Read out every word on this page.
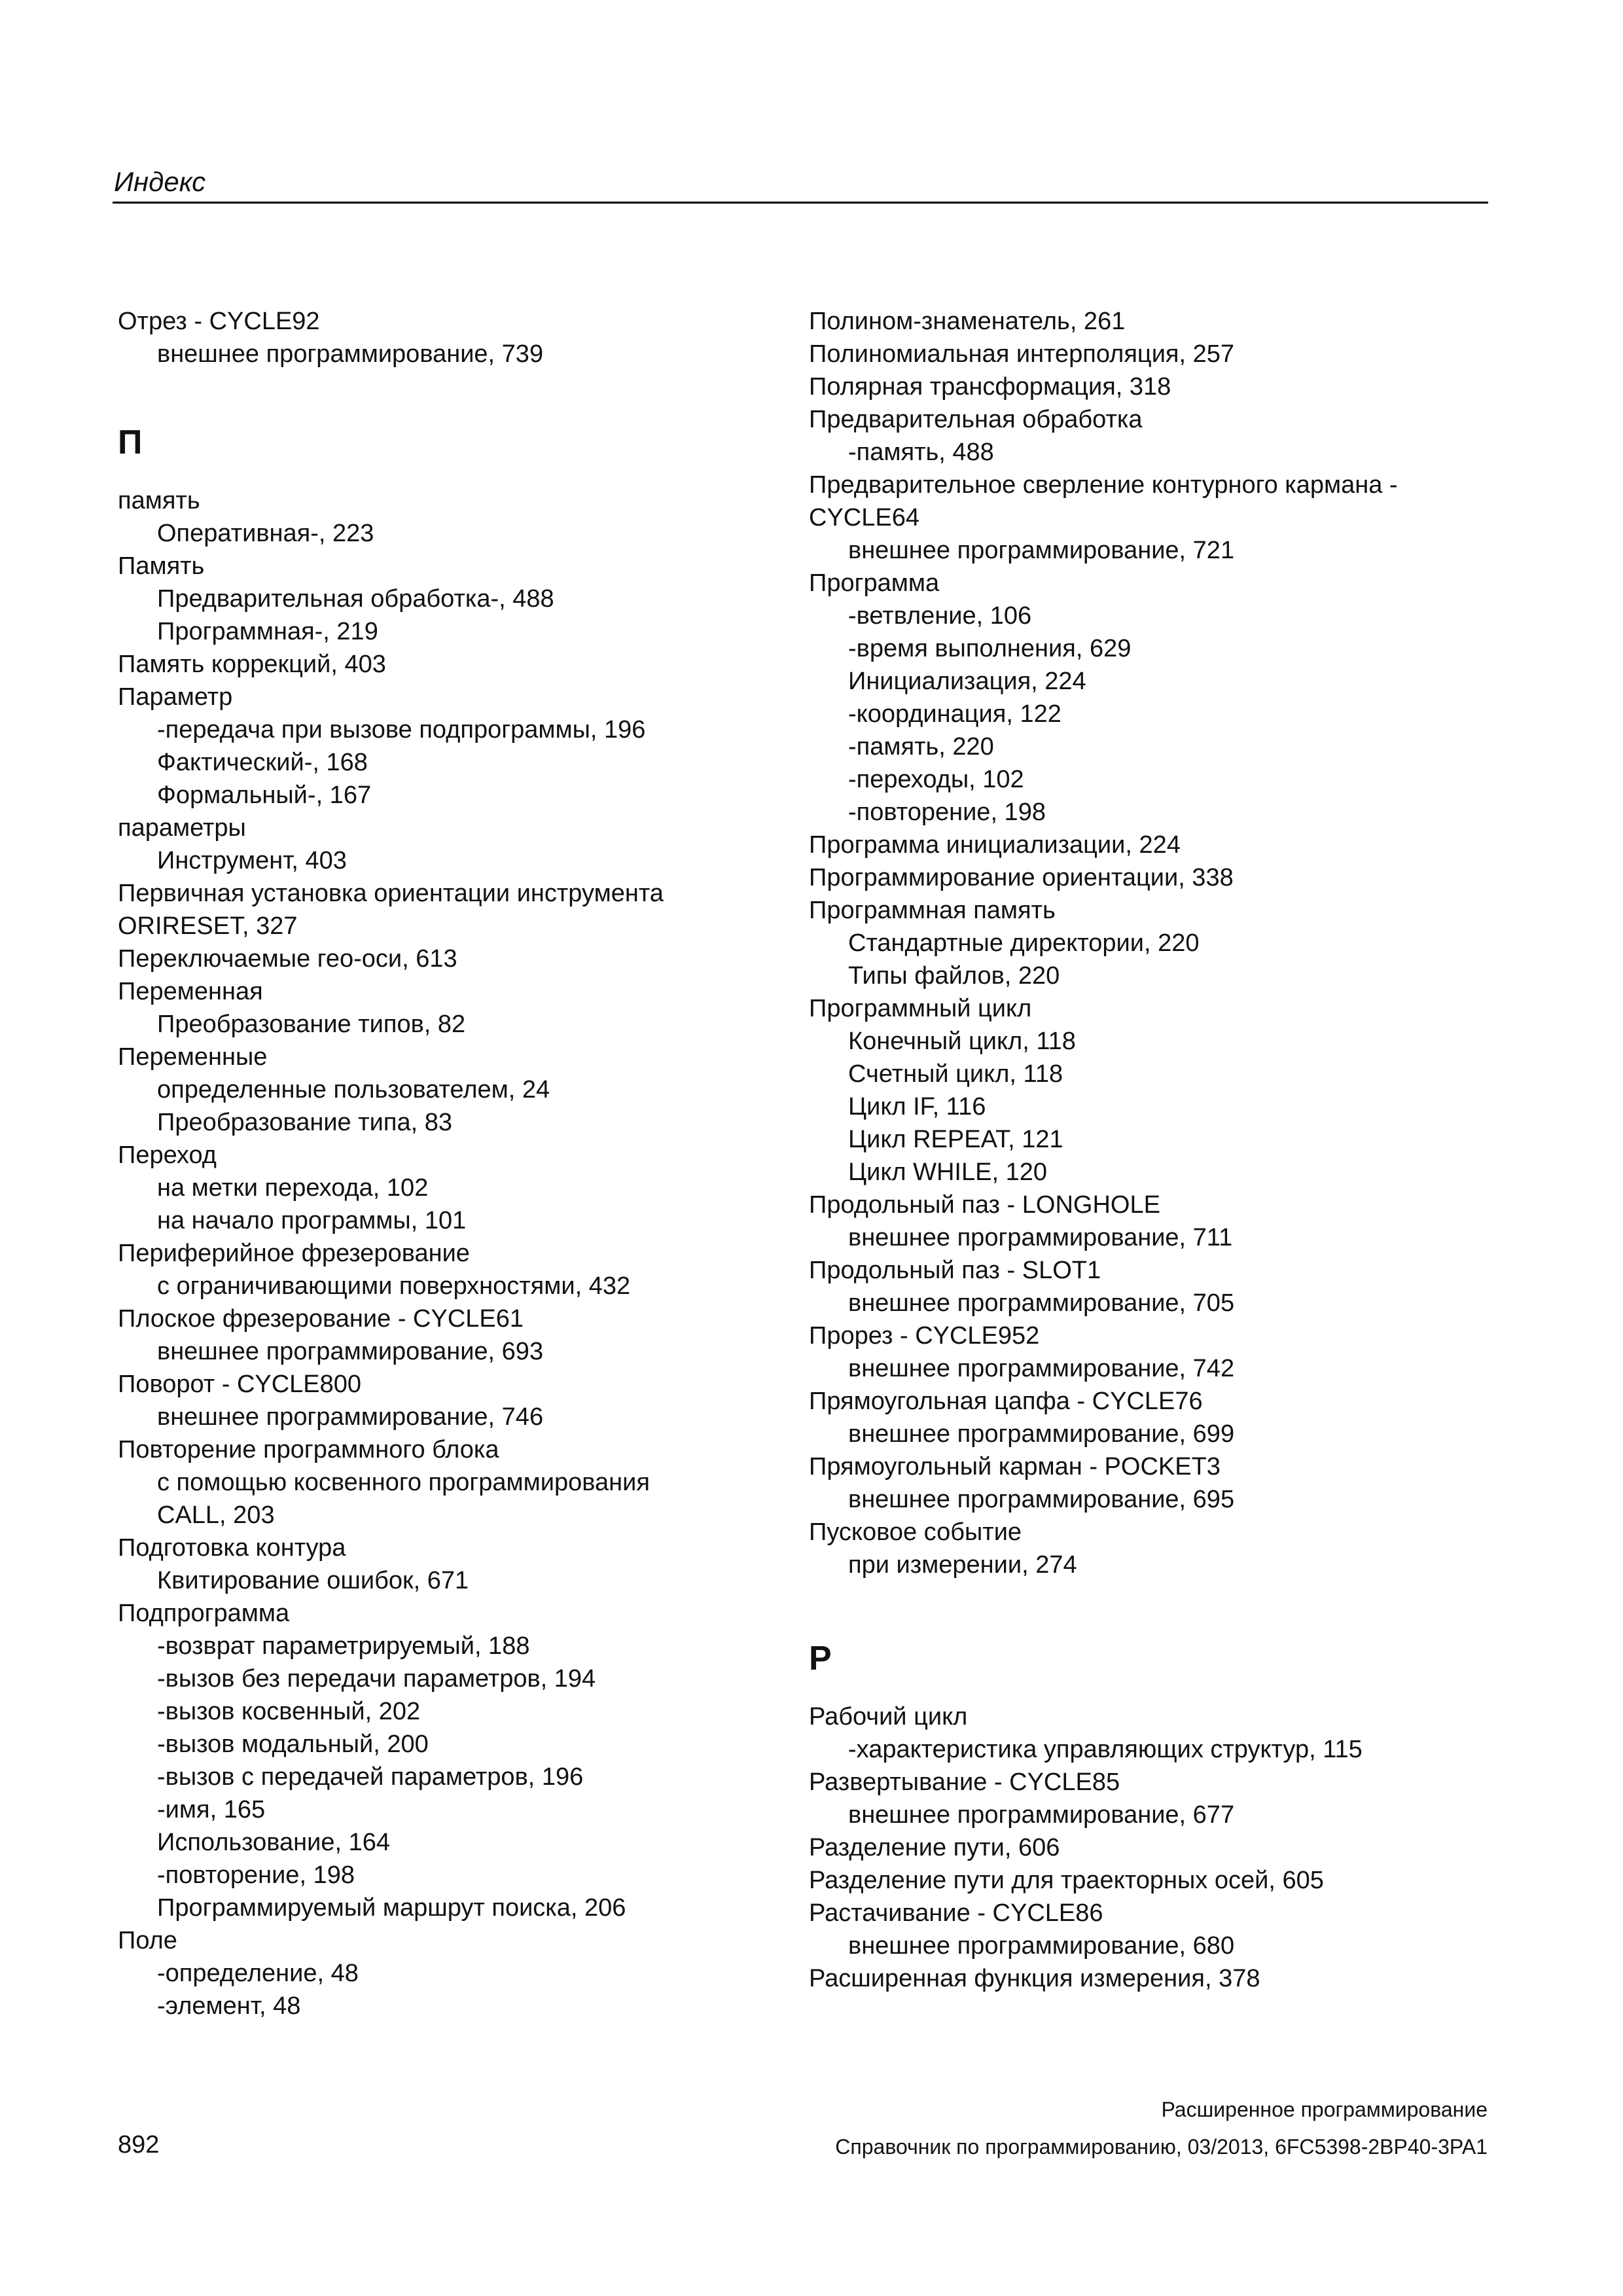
Индекс
Отрез - CYCLE92
внешнее программирование, 739
П
память
Оперативная-, 223
Память
Предварительная обработка-, 488
Программная-, 219
Память коррекций, 403
Параметр
-передача при вызове подпрограммы, 196
Фактический-, 168
Формальный-, 167
параметры
Инструмент, 403
Первичная установка ориентации инструмента
ORIRESET, 327
Переключаемые гео-оси, 613
Переменная
Преобразование типов, 82
Переменные
определенные пользователем, 24
Преобразование типа, 83
Переход
на метки перехода, 102
на начало программы, 101
Периферийное фрезерование
с ограничивающими поверхностями, 432
Плоское фрезерование - CYCLE61
внешнее программирование, 693
Поворот - CYCLE800
внешнее программирование, 746
Повторение программного блока
с помощью косвенного программирования
CALL, 203
Подготовка контура
Квитирование ошибок, 671
Подпрограмма
-возврат параметрируемый, 188
-вызов без передачи параметров, 194
-вызов косвенный, 202
-вызов модальный, 200
-вызов с передачей параметров, 196
-имя, 165
Использование, 164
-повторение, 198
Программируемый маршрут поиска, 206
Поле
-определение, 48
-элемент, 48
Полином-знаменатель, 261
Полиномиальная интерполяция, 257
Полярная трансформация, 318
Предварительная обработка
-память, 488
Предварительное сверление контурного кармана -
CYCLE64
внешнее программирование, 721
Программа
-ветвление, 106
-время выполнения, 629
Инициализация, 224
-координация, 122
-память, 220
-переходы, 102
-повторение, 198
Программа инициализации, 224
Программирование ориентации, 338
Программная память
Стандартные директории, 220
Типы файлов, 220
Программный цикл
Конечный цикл, 118
Счетный цикл, 118
Цикл IF, 116
Цикл REPEAT, 121
Цикл WHILE, 120
Продольный паз - LONGHOLE
внешнее программирование, 711
Продольный паз - SLOT1
внешнее программирование, 705
Прорез - CYCLE952
внешнее программирование, 742
Прямоугольная цапфа - CYCLE76
внешнее программирование, 699
Прямоугольный карман - POCKET3
внешнее программирование, 695
Пусковое событие
при измерении, 274
Р
Рабочий цикл
-характеристика управляющих структур, 115
Развертывание - CYCLE85
внешнее программирование, 677
Разделение пути, 606
Разделение пути для траекторных осей, 605
Растачивание - CYCLE86
внешнее программирование, 680
Расширенная функция измерения, 378
892
Расширенное программирование
Справочник по программированию, 03/2013, 6FC5398-2BP40-3PA1
